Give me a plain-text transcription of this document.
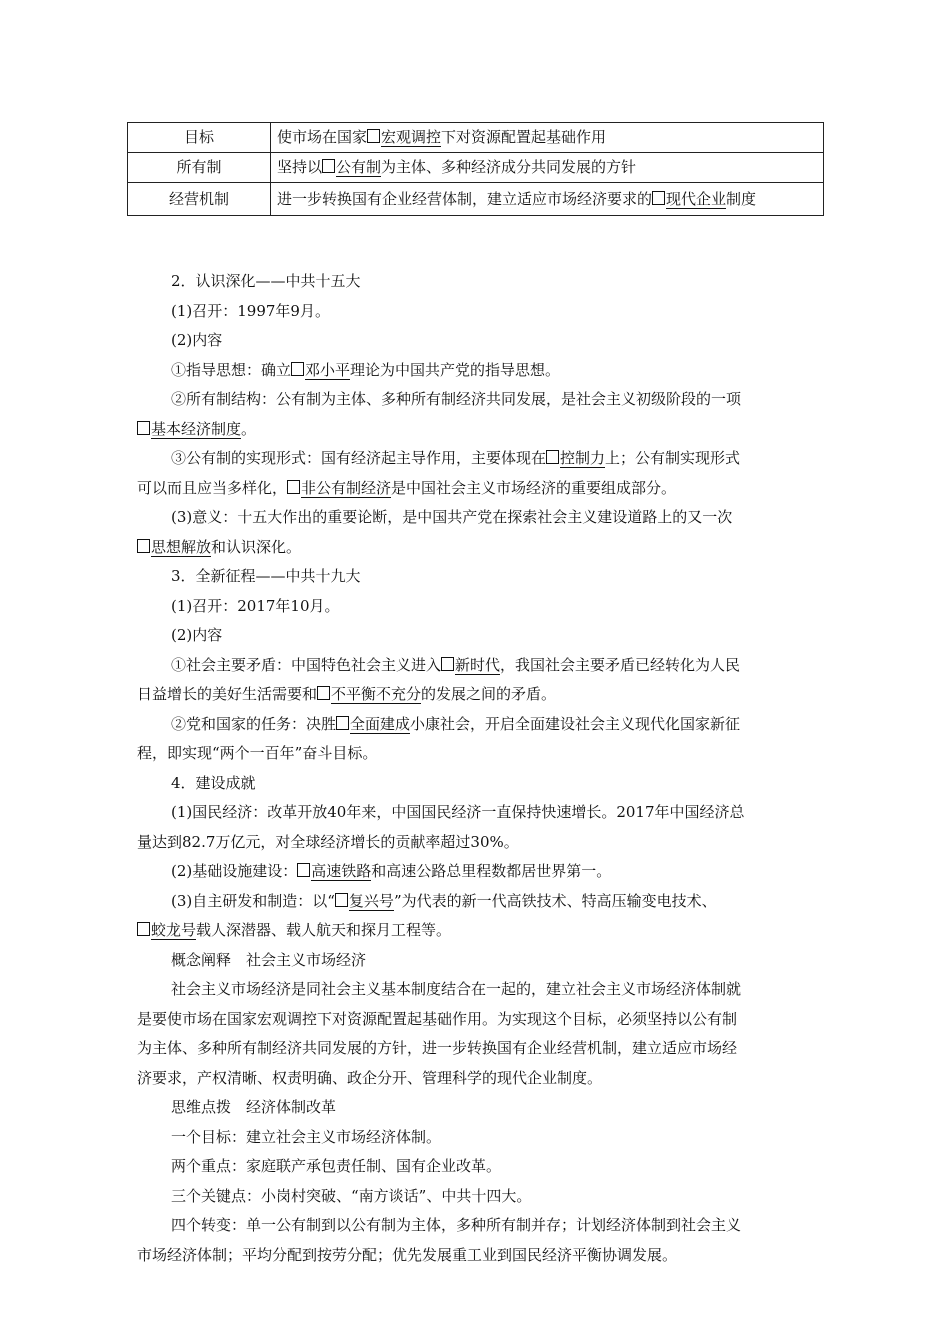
目标	使市场在国家 宏观调控下对资源配置起基础作用
所有制	坚持以 公有制为主体、多种经济成分共同发展的方针
经营机制	进一步转换国有企业经营体制，建立适应市场经济要求的 现代企业制度

2．认识深化——中共十五大

(1)召开：1997年9月。

(2)内容

①指导思想：确立 邓小平理论为中国共产党的指导思想。

②所有制结构：公有制为主体、多种所有制经济共同发展，是社会主义初级阶段的一项

基本经济制度。

③公有制的实现形式：国有经济起主导作用，主要体现在 控制力上；公有制实现形式

可以而且应当多样化， 非公有制经济是中国社会主义市场经济的重要组成部分。

(3)意义：十五大作出的重要论断，是中国共产党在探索社会主义建设道路上的又一次

思想解放和认识深化。

3．全新征程——中共十九大

(1)召开：2017年10月。

(2)内容

①社会主要矛盾：中国特色社会主义进入 新时代，我国社会主要矛盾已经转化为人民

日益增长的美好生活需要和 不平衡不充分的发展之间的矛盾。

②党和国家的任务：决胜 全面建成小康社会，开启全面建设社会主义现代化国家新征

程，即实现“两个一百年”奋斗目标。

4．建设成就

(1)国民经济：改革开放40年来，中国国民经济一直保持快速增长。2017年中国经济总

量达到82.7万亿元，对全球经济增长的贡献率超过30%。

(2)基础设施建设： 高速铁路和高速公路总里程数都居世界第一。

(3)自主研发和制造：以“ 复兴号”为代表的新一代高铁技术、特高压输变电技术、

蛟龙号载人深潜器、载人航天和探月工程等。

概念阐释　社会主义市场经济

社会主义市场经济是同社会主义基本制度结合在一起的，建立社会主义市场经济体制就

是要使市场在国家宏观调控下对资源配置起基础作用。为实现这个目标，必须坚持以公有制

为主体、多种所有制经济共同发展的方针，进一步转换国有企业经营机制，建立适应市场经

济要求，产权清晰、权责明确、政企分开、管理科学的现代企业制度。

思维点拨　经济体制改革

一个目标：建立社会主义市场经济体制。

两个重点：家庭联产承包责任制、国有企业改革。

三个关键点：小岗村突破、“南方谈话”、中共十四大。

四个转变：单一公有制到以公有制为主体，多种所有制并存；计划经济体制到社会主义

市场经济体制；平均分配到按劳分配；优先发展重工业到国民经济平衡协调发展。
